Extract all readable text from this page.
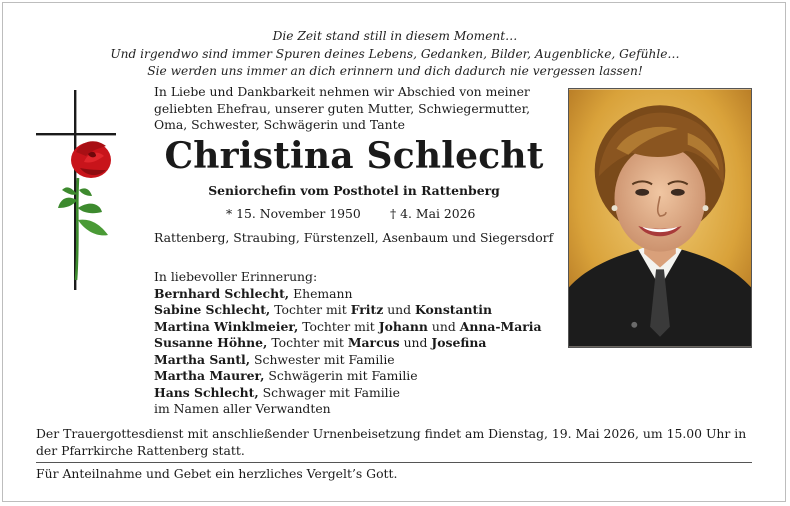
Die Zeit stand still in diesem Moment…
Und irgendwo sind immer Spuren deines Lebens, Gedanken, Bilder, Augenblicke, Gefühle…
Sie werden uns immer an dich erinnern und dich dadurch nie vergessen lassen!
In Liebe und Dankbarkeit nehmen wir Abschied von meiner geliebten Ehefrau, unserer guten Mutter, Schwiegermutter, Oma, Schwester, Schwägerin und Tante
Christina Schlecht
Seniorchefin vom Posthotel in Rattenberg
* 15. November 1950 † 4. Mai 2026
Rattenberg, Straubing, Fürstenzell, Asenbaum und Siegersdorf
In liebevoller Erinnerung:
Bernhard Schlecht, Ehemann
Sabine Schlecht, Tochter mit Fritz und Konstantin
Martina Winklmeier, Tochter mit Johann und Anna-Maria
Susanne Höhne, Tochter mit Marcus und Josefina
Martha Santl, Schwester mit Familie
Martha Maurer, Schwägerin mit Familie
Hans Schlecht, Schwager mit Familie
im Namen aller Verwandten
Der Trauergottesdienst mit anschließender Urnenbeisetzung findet am Dienstag, 19. Mai 2026, um 15.00 Uhr in der Pfarrkirche Rattenberg statt.
Für Anteilnahme und Gebet ein herzliches Vergelt’s Gott.
